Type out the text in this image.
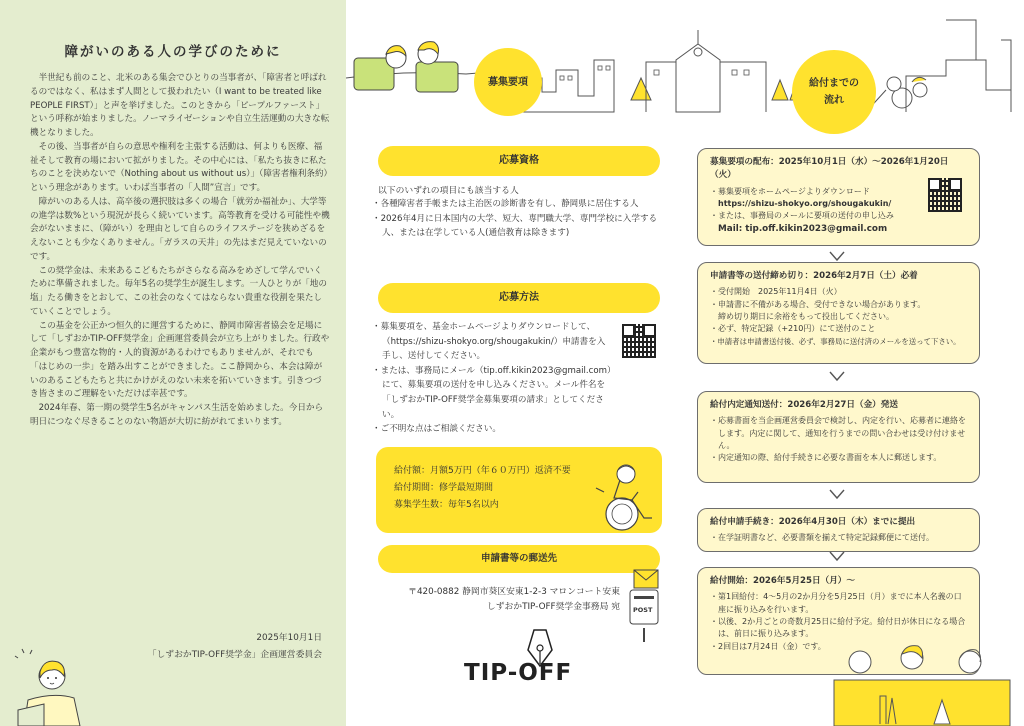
障がいのある人の学びのために

半世紀も前のこと、北米のある集会でひとりの当事者が、「障害者と呼ばれるのではなく、私はまず人間として扱われたい（I want to be treated like PEOPLE FIRST）」と声を挙げました。このときから「ピープルファースト」という呼称が始まりました。ノーマライゼーションや自立生活運動の大きな転機となりました。

その後、当事者が自らの意思や権利を主張する活動は、何よりも医療、福祉そして教育の場において拡がりました。その中心には、「私たち抜きに私たちのことを決めないで（Nothing about us without us）」（障害者権利条約）という理念があります。いわば当事者の「人間”宣言」です。

障がいのある人は、高卒後の選択肢は多くの場合「就労か福祉か」、大学等の進学は数%という現況が長らく続いています。高等教育を受ける可能性や機会がないままに、（障がい）を理由として自らのライフステージを狭めざるをえないことも少なくありません。「ガラスの天井」の先はまだ見えていないのです。

この奨学金は、未来あるこどもたちがさらなる高みをめざして学んでいくために準備されました。毎年5名の奨学生が誕生します。一人ひとりが「地の塩」たる働きをとおして、この社会のなくてはならない貴重な役割を果たしていくことでしょう。

この基金を公正かつ恒久的に運営するために、静岡市障害者協会を足場にして「しずおかTIP-OFF奨学金」企画運営委員会が立ち上がりました。行政や企業がもつ豊富な物的・人的資源があるわけでもありませんが、それでも「はじめの一歩」を踏み出すことができました。ここ静岡から、本会は障がいのあるこどもたちと共にかけがえのない未来を拓いていきます。引きつづき皆さまのご理解をいただけば幸甚です。

2024年春、第一期の奨学生5名がキャンパス生活を始めました。今日から明日につなぐ尽きることのない物語が大切に紡がれてまいります。

2025年10月1日
「しずおかTIP-OFF奨学金」企画運営委員会
募集要項	給付までの
流れ
応募資格
以下のいずれの項目にも該当する人
・各種障害者手帳または主治医の診断書を有し、静岡県に居住する人
・2026年4月に日本国内の大学、短大、専門職大学、専門学校に入学する人、または在学している人(通信教育は除きます)
応募方法
・募集要項を、基金ホームページよりダウンロードして、（https://shizu-shokyo.org/shougakukin/）申請書を入手し、送付してください。
・または、事務局にメール（tip.off.kikin2023@gmail.com）にて、募集要項の送付を申し込みください。メール件名を「しずおかTIP-OFF奨学金募集要項の請求」としてください。
・ご不明な点はご相談ください。
給付額：月額5万円（年６０万円）返済不要
給付期間：修学最短期間
募集学生数：毎年5名以内
申請書等の郵送先
〒420-0882 静岡市葵区安東1-2-3 マロンコート安東
しずおかTIP-OFF奨学金事務局 宛 POST
TIP-OFF
募集要項の配布：2025年10月1日（水）〜2026年1月20日（火）
・募集要項をホームページよりダウンロード
https://shizu-shokyo.org/shougakukin/
・または、事務局のメールに要項の送付の申し込み
Mail: tip.off.kikin2023@gmail.com
申請書等の送付締め切り：2026年2月7日（土）必着
・受付開始　2025年11月4日（火）
・申請書に不備がある場合、受付できない場合があります。
締め切り期日に余裕をもって投出してください。
・必ず、特定記録（+210円）にて送付のこと
・申請者は申請書送付後、必ず、事務局に送付済のメールを送って下さい。
給付内定通知送付：2026年2月27日（金）発送
・応募書面を当企画運営委員会で検討し、内定を行い、応募者に連絡をします。内定に関して、通知を行うまでの問い合わせは受け付けません。
・内定通知の際、給付手続きに必要な書面を本人に郵送します。
給付申請手続き：2026年4月30日（木）までに提出
・在学証明書など、必要書類を揃えて特定記録郵便にて送付。
給付開始：2026年5月25日（月）〜
・第1回給付：4〜5月の2か月分を5月25日（月）までに本人名義の口座に振り込みを行います。
・以後、2か月ごとの奇数月25日に給付予定。給付日が休日になる場合は、前日に振り込みます。
・2回目は7月24日（金）です。
